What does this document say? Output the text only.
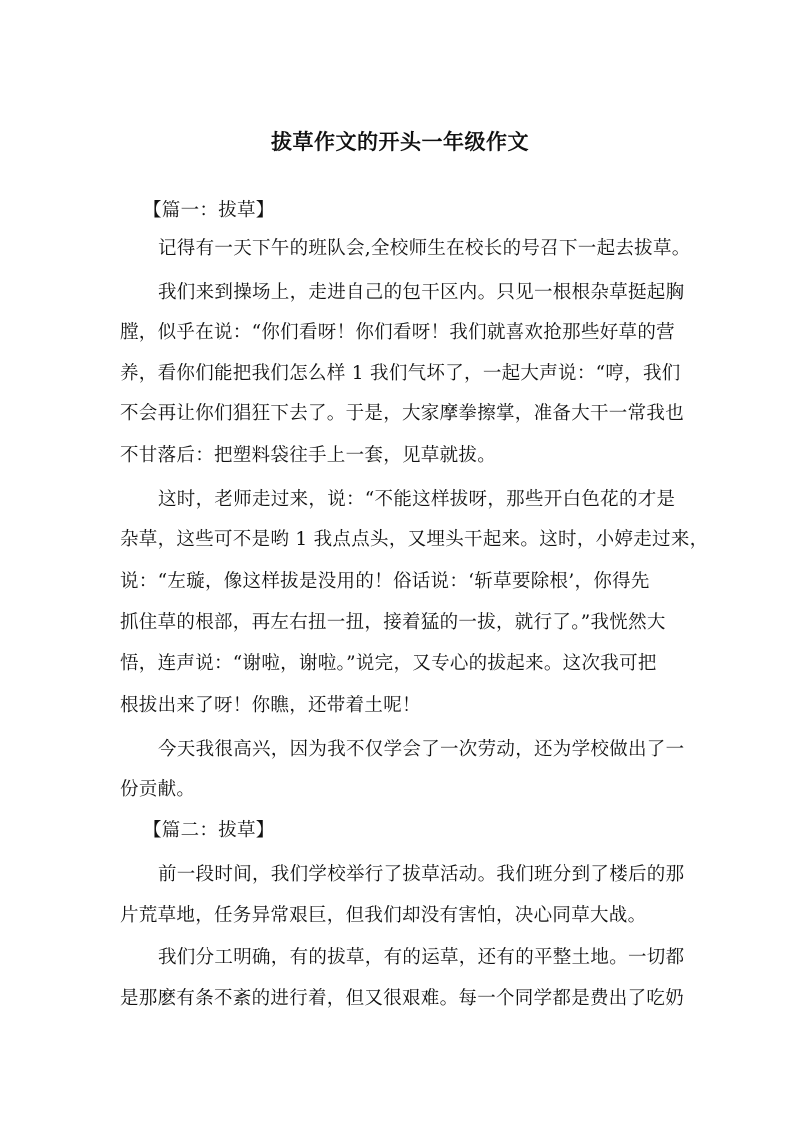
拔草作文的开头一年级作文
【篇一：拔草】
记得有一天下午的班队会,全校师生在校长的号召下一起去拔草。
我们来到操场上，走进自己的包干区内。只见一根根杂草挺起胸
膛，似乎在说：“你们看呀！你们看呀！我们就喜欢抢那些好草的营
养，看你们能把我们怎么样 1 我们气坏了，一起大声说：“哼，我们
不会再让你们猖狂下去了。于是，大家摩拳擦掌，准备大干一常我也
不甘落后：把塑料袋往手上一套，见草就拔。
这时，老师走过来，说：“不能这样拔呀，那些开白色花的才是
杂草，这些可不是哟 1 我点点头，又埋头干起来。这时，小婷走过来，
说：“左璇，像这样拔是没用的！俗话说：‘斩草要除根’，你得先
抓住草的根部，再左右扭一扭，接着猛的一拔，就行了。”我恍然大
悟，连声说：“谢啦，谢啦。”说完，又专心的拔起来。这次我可把
根拔出来了呀！你瞧，还带着土呢！
今天我很高兴，因为我不仅学会了一次劳动，还为学校做出了一
份贡献。
【篇二：拔草】
前一段时间，我们学校举行了拔草活动。我们班分到了楼后的那
片荒草地，任务异常艰巨，但我们却没有害怕，决心同草大战。
我们分工明确，有的拔草，有的运草，还有的平整土地。一切都
是那麽有条不紊的进行着，但又很艰难。每一个同学都是费出了吃奶
